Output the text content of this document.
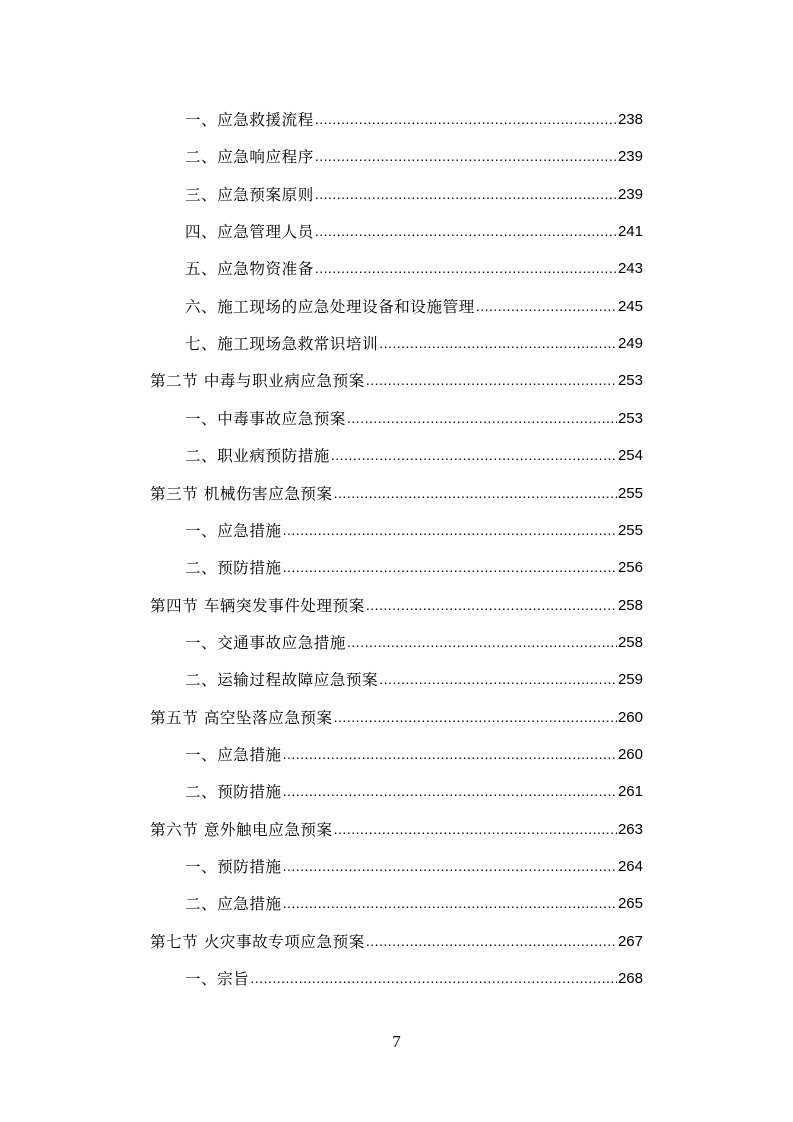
一、应急救援流程 .....	238
二、应急响应程序 .....	239
三、应急预案原则 .....	239
四、应急管理人员 .....	241
五、应急物资准备 .....	243
六、施工现场的应急处理设备和设施管理 .....	245
七、施工现场急救常识培训 .....	249
第二节 中毒与职业病应急预案 .....	253
一、中毒事故应急预案 .....	253
二、职业病预防措施 .....	254
第三节 机械伤害应急预案 .....	255
一、应急措施 .....	255
二、预防措施 .....	256
第四节 车辆突发事件处理预案 .....	258
一、交通事故应急措施 .....	258
二、运输过程故障应急预案 .....	259
第五节 高空坠落应急预案 .....	260
一、应急措施 .....	260
二、预防措施 .....	261
第六节 意外触电应急预案 .....	263
一、预防措施 .....	264
二、应急措施 .....	265
第七节 火灾事故专项应急预案 .....	267
一、宗旨 .....	268
7
